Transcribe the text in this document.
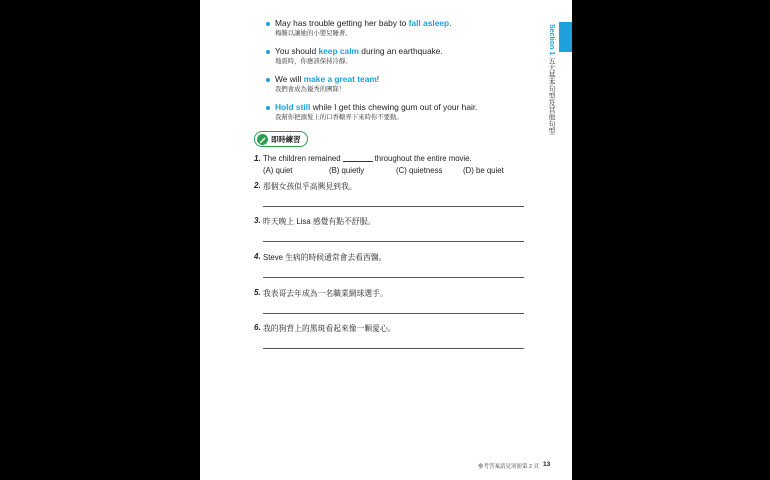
Section 1 五大基本句型及其他句型
May has trouble getting her baby to fall asleep.
梅難以讓她的小嬰兒睡著。
You should keep calm during an earthquake.
地震時，你應該保持冷靜。
We will make a great team!
我們會成為優秀的團隊！
Hold still while I get this chewing gum out of your hair.
我幫你把頭髮上的口香糖弄下來時你不要動。
即時練習
1. The children remained	throughout the entire movie.
(A) quiet	(B) quietly	(C) quietness	(D) be quiet
2. 那個女孩似乎高興見到我。
3. 昨天晚上 Lisa 感覺有點不舒服。
4. Steve 生病的時候通常會去看西醫。
5. 我表哥去年成為一名職業網球選手。
6. 我的狗背上的黑斑看起來像一顆愛心。
參考答案請見別冊第 2 頁 13
